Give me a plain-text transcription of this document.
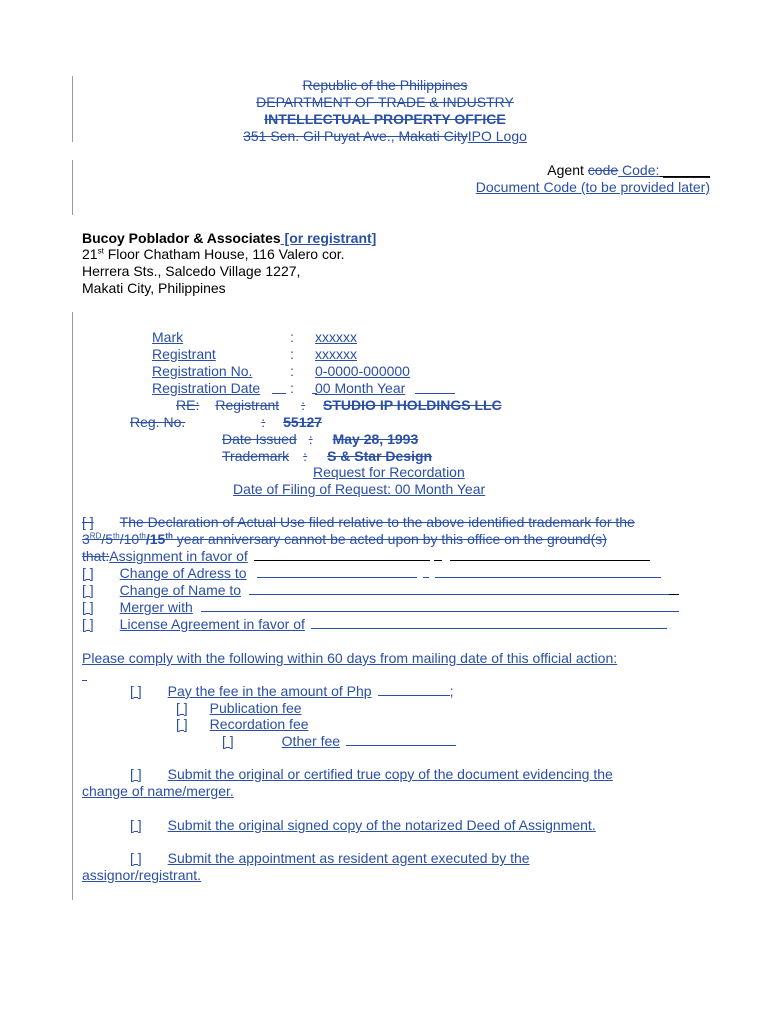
Republic of the Philippines
DEPARTMENT OF TRADE & INDUSTRY
INTELLECTUAL PROPERTY OFFICE
351 Sen. Gil Puyat Ave., Makati CityIPO Logo
Agent code Code: ______
Document Code (to be provided later)
Bucoy Poblador & Associates [or registrant]
21st Floor Chatham House, 116 Valero cor.
Herrera Sts., Salcedo Village 1227,
Makati City, Philippines
Mark	: xxxxxx
Registrant	: xxxxxx
Registration No.	: 0-0000-000000
Registration Date : 00 Month Year
RE: Registrant : STUDIO IP HOLDINGS LLC
Reg. No.	: 55127
Date Issued : May 28, 1993
Trademark : S & Star Design
Request for Recordation
Date of Filing of Request: 00 Month Year
[ ] The Declaration of Actual Use filed relative to the above identified trademark for the
3RD/5th/10th/15th year anniversary cannot be acted upon by this office on the ground(s)
that:Assignment in favor of
[ ] Change of Adress to
[ ] Change of Name to
[ ] Merger with
[ ] License Agreement in favor of
Please comply with the following within 60 days from mailing date of this official action:
[ ] Pay the fee in the amount of Php	;
[ ] Publication fee
[ ] Recordation fee
[ ]	Other fee
[ ] Submit the original or certified true copy of the document evidencing the
change of name/merger.
[ ] Submit the original signed copy of the notarized Deed of Assignment.
[ ] Submit the appointment as resident agent executed by the
assignor/registrant.
